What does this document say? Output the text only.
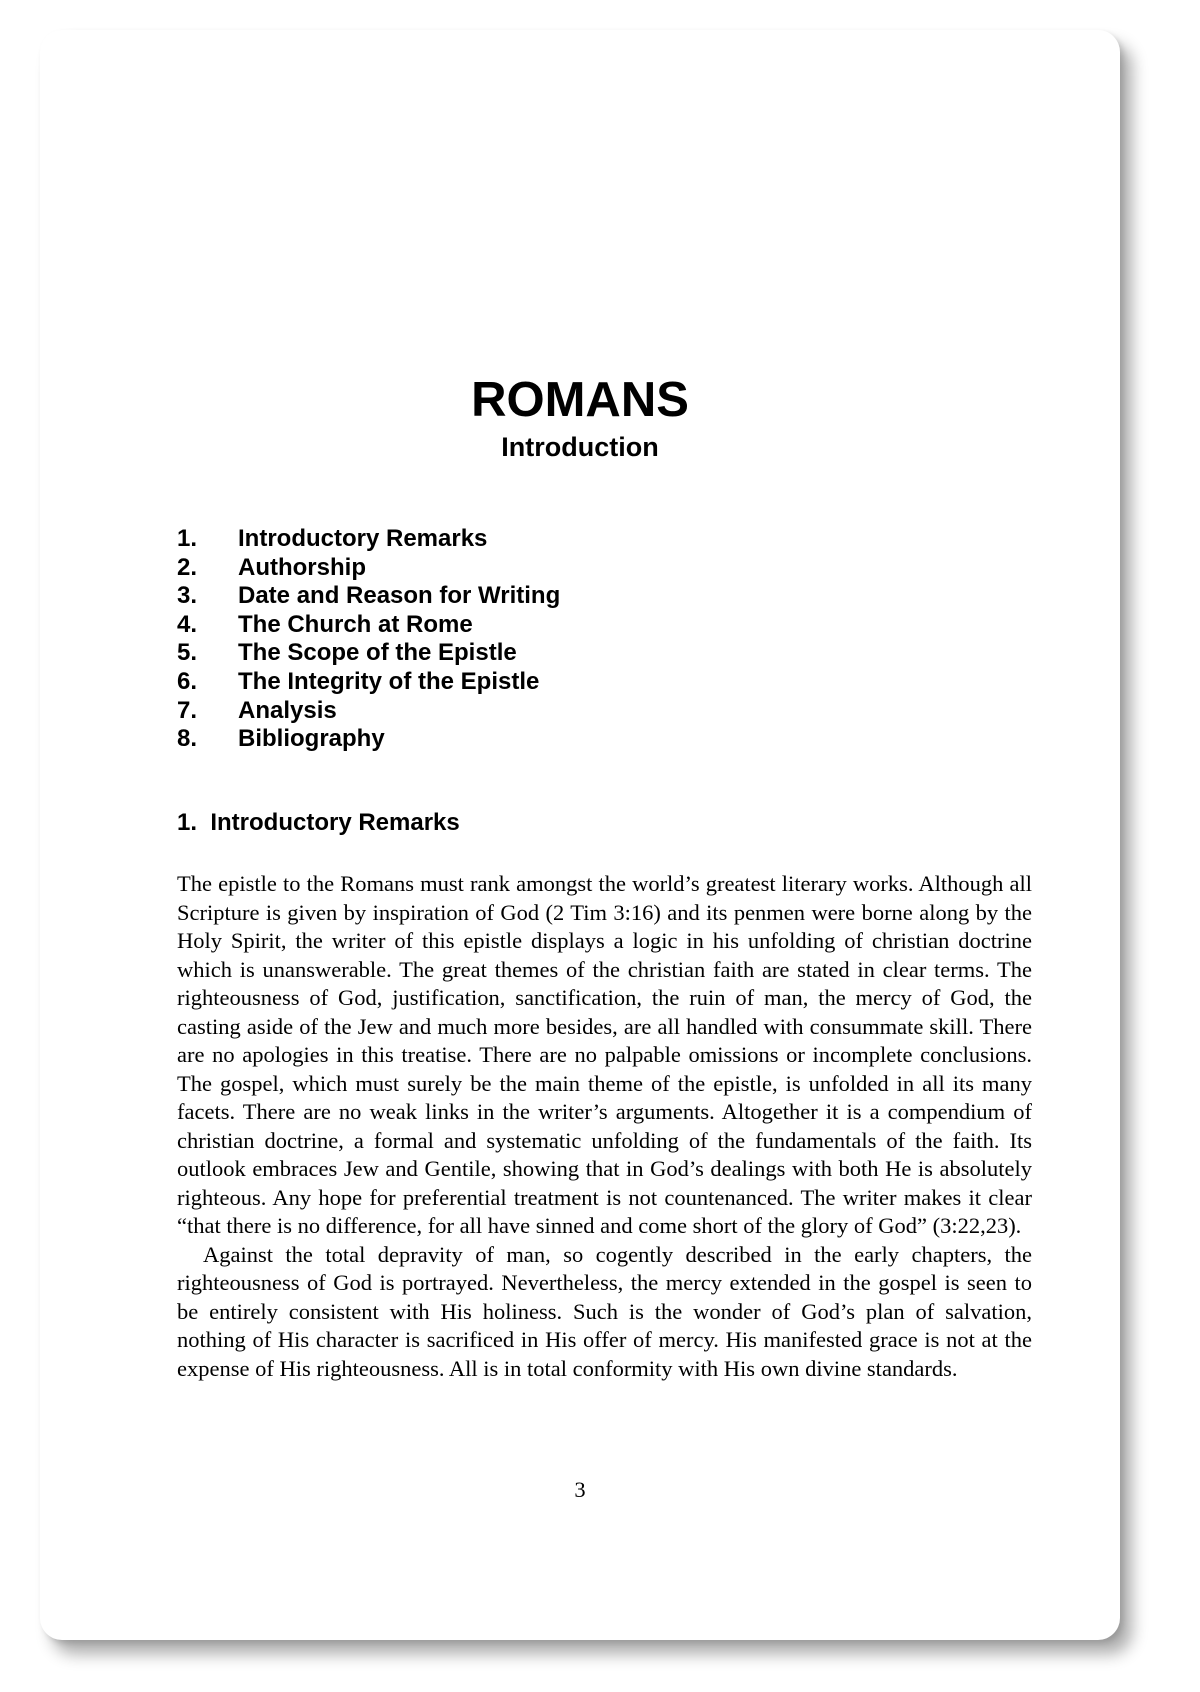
ROMANS
Introduction
1.	Introductory Remarks
2.	Authorship
3.	Date and Reason for Writing
4.	The Church at Rome
5.	The Scope of the Epistle
6.	The Integrity of the Epistle
7.	Analysis
8.	Bibliography
1.  Introductory Remarks

The epistle to the Romans must rank amongst the world’s greatest literary works. Although all Scripture is given by inspiration of God (2 Tim 3:16) and its penmen were borne along by the Holy Spirit, the writer of this epistle displays a logic in his unfolding of christian doctrine which is unanswerable. The great themes of the christian faith are stated in clear terms. The righteousness of God, justification, sanctification, the ruin of man, the mercy of God, the casting aside of the Jew and much more besides, are all handled with consummate skill. There are no apologies in this treatise. There are no palpable omissions or incomplete conclusions. The gospel, which must surely be the main theme of the epistle, is unfolded in all its many facets. There are no weak links in the writer’s arguments. Altogether it is a compendium of christian doctrine, a formal and systematic unfolding of the fundamentals of the faith. Its outlook embraces Jew and Gentile, showing that in God’s dealings with both He is absolutely righteous. Any hope for preferential treatment is not countenanced. The writer makes it clear “that there is no difference, for all have sinned and come short of the glory of God” (3:22,23).

Against the total depravity of man, so cogently described in the early chapters, the righteousness of God is portrayed. Nevertheless, the mercy extended in the gospel is seen to be entirely consistent with His holiness. Such is the wonder of God’s plan of salvation, nothing of His character is sacrificed in His offer of mercy. His manifested grace is not at the expense of His righteousness. All is in total conformity with His own divine standards.

3
